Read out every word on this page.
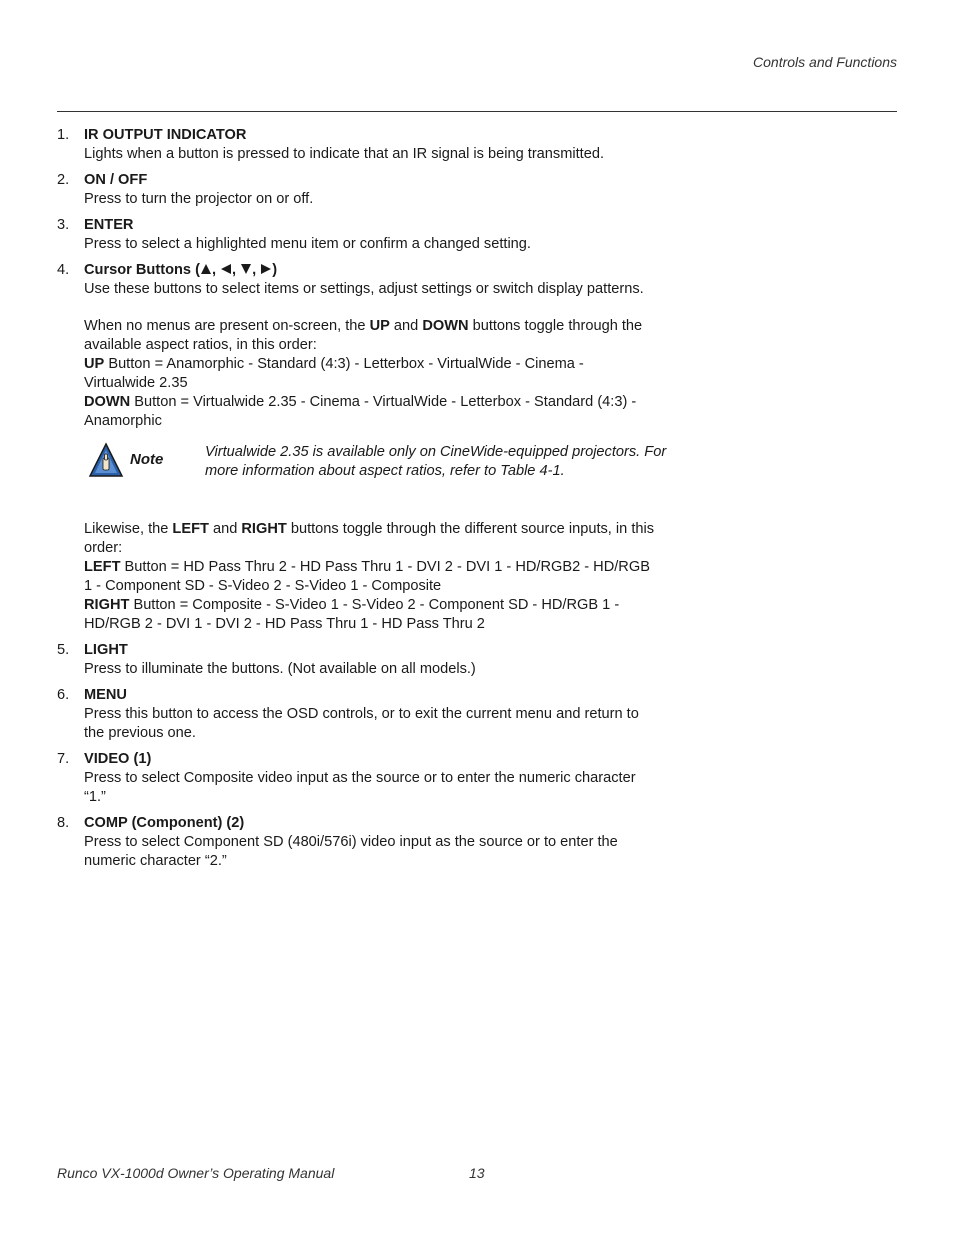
Controls and Functions
1. IR OUTPUT INDICATOR

Lights when a button is pressed to indicate that an IR signal is being transmitted.

2. ON / OFF

Press to turn the projector on or off.

3. ENTER

Press to select a highlighted menu item or confirm a changed setting.

4. Cursor Buttons ( , , , )

Use these buttons to select items or settings, adjust settings or switch display patterns.

When no menus are present on-screen, the UP and DOWN buttons toggle through the available aspect ratios, in this order:

UP Button = Anamorphic - Standard (4:3) - Letterbox - VirtualWide - Cinema - Virtualwide 2.35

DOWN Button = Virtualwide 2.35 - Cinema - VirtualWide - Letterbox - Standard (4:3) - Anamorphic

Note	Virtualwide 2.35 is available only on CineWide-equipped projectors. For more information about aspect ratios, refer to Table 4-1.

Likewise, the LEFT and RIGHT buttons toggle through the different source inputs, in this order:

LEFT Button = HD Pass Thru 2 - HD Pass Thru 1 - DVI 2 - DVI 1 - HD/RGB2 - HD/RGB 1 - Component SD - S-Video 2 - S-Video 1 - Composite

RIGHT Button = Composite - S-Video 1 - S-Video 2 - Component SD - HD/RGB 1 - HD/RGB 2 - DVI 1 - DVI 2 - HD Pass Thru 1 - HD Pass Thru 2

5. LIGHT

Press to illuminate the buttons. (Not available on all models.)

6. MENU

Press this button to access the OSD controls, or to exit the current menu and return to the previous one.

7. VIDEO (1)

Press to select Composite video input as the source or to enter the numeric character “1.”

8. COMP (Component) (2)

Press to select Component SD (480i/576i) video input as the source or to enter the numeric character “2.”

Runco VX-1000d Owner’s Operating Manual	13
